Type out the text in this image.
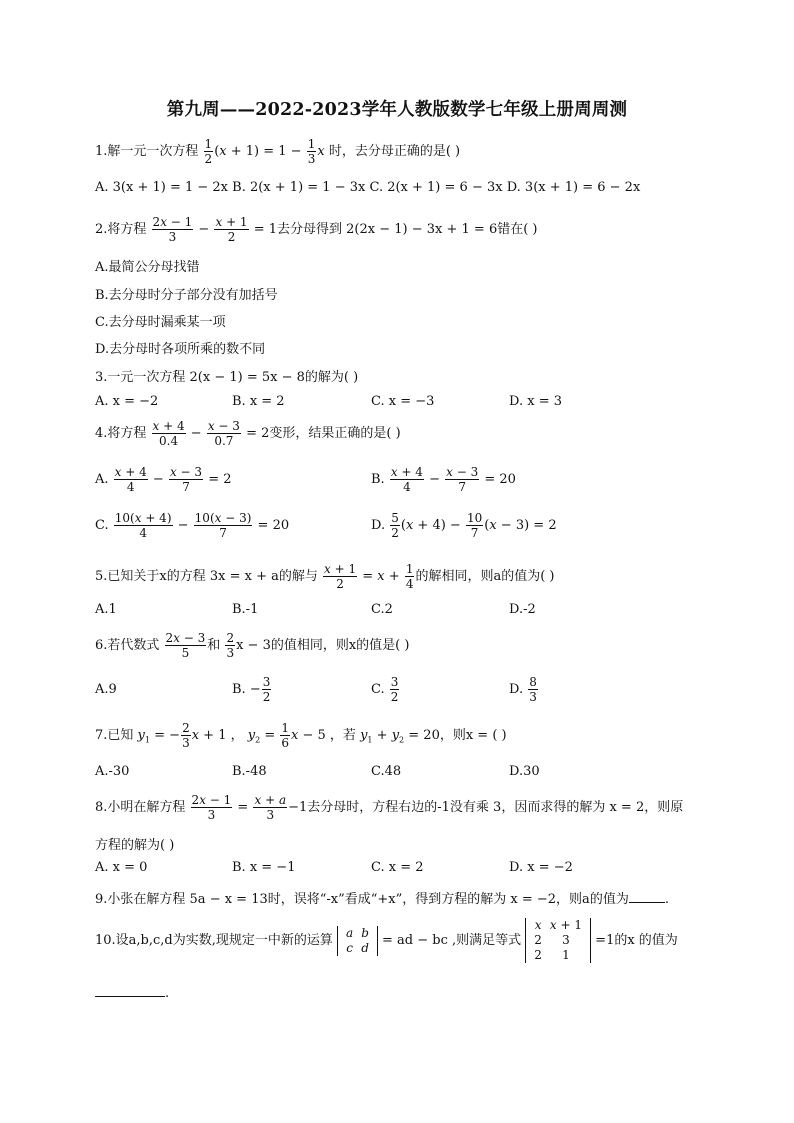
第九周——2022-2023学年人教版数学七年级上册周周测
1.解一元一次方程 $\frac{1}{2} (x + 1) = 1 - \frac{1}{3}$ x 时，去分母正确的是( )
A. 3(x + 1) = 1 − 2x B. 2(x + 1) = 1 − 3x C. 2(x + 1) = 6 − 3x D. 3(x + 1) = 6 − 2x
2.将方程 $\frac{2x - 1}{3} - \frac{x + 1}{2} = 1$去分母得到 2(2x − 1) − 3x + 1 = 6错在( )
A.最简公分母找错
B.去分母时分子部分没有加括号
C.去分母时漏乘某一项
D.去分母时各项所乘的数不同
3.一元一次方程 2(x − 1) = 5x − 8的解为( )
A. x = −2	B. x = 2	C. x = −3	D. x = 3
4.将方程 $\frac{x + 4}{0.4} - \frac{x - 3}{0.7} = 2$变形，结果正确的是( )
A. $\frac{x + 4}{4} - \frac{x - 3}{7} = 2$	B. $\frac{x + 4}{4} - \frac{x - 3}{7} = 20$
C. $\frac{10(x + 4)}{4} - \frac{10(x - 3)}{7} = 20$	D. $\frac{5}{2} (x + 4) - \frac{10}{7} (x - 3) = 2$
5.已知关于x的方程 3x = x + a的解与 $\frac{x + 1}{2} = x + \frac{1}{4}$ 的解相同，则a的值为( )
A.1	B.-1	C.2	D.-2
6.若代数式 $\frac{2x - 3}{5}$ 和 $\frac{2}{3}$ x − 3的值相同，则x的值是( )
A.9	B. − $\frac{3}{2}$	C. $\frac{3}{2}$	D. $\frac{8}{3}$
7.已知 $y_1$ = − $\frac{2}{3}$ x + 1 ， $y_2 = \frac{1}{6}$ x − 5 ，若 $y_1 + y_2 = 20$，则x = ( )
A.-30	B.-48	C.48	D.30
8.小明在解方程 $\frac{2x - 1}{3} = \frac{x + a}{3} -1$去分母时，方程右边的-1没有乘 3，因而求得的解为 x = 2，则原
方程的解为( )
A. x = 0	B. x = −1	C. x = 2	D. x = −2
9.小张在解方程 5a − x = 13时，误将“-x”看成“+x”，得到方程的解为 x = −2，则a的值为	.
10.设a,b,c,d为实数,现规定一中新的运算
a	b
c	d = ad − bc ,则满足等式
x	x + 1
2	3
2	1
=1的x 的值为
.
